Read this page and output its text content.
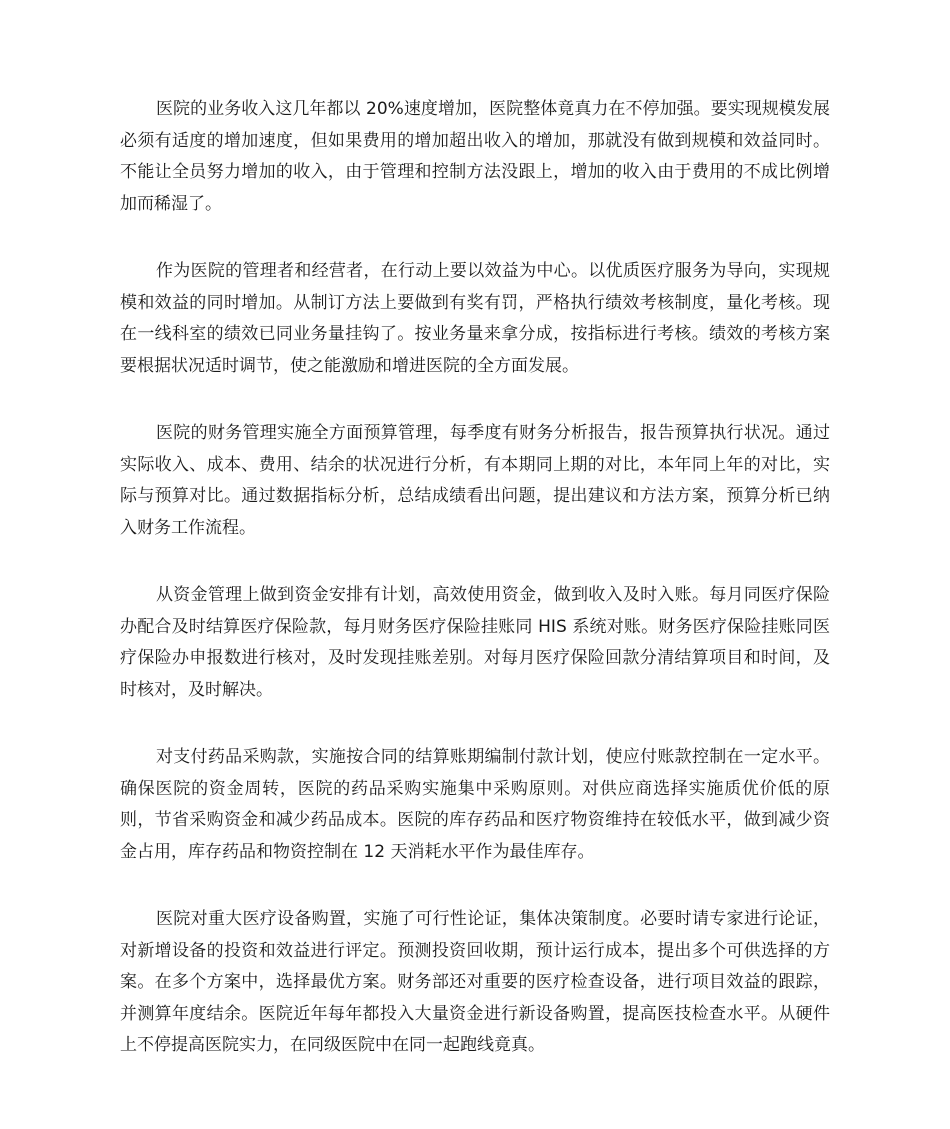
医院的业务收入这几年都以 20%速度增加，医院整体竟真力在不停加强。要实现规模发展必须有适度的增加速度，但如果费用的增加超出收入的增加，那就没有做到规模和效益同时。不能让全员努力增加的收入，由于管理和控制方法没跟上，增加的收入由于费用的不成比例增加而稀湿了。

作为医院的管理者和经营者，在行动上要以效益为中心。以优质医疗服务为导向，实现规模和效益的同时增加。从制订方法上要做到有奖有罚，严格执行绩效考核制度，量化考核。现在一线科室的绩效已同业务量挂钩了。按业务量来拿分成，按指标进行考核。绩效的考核方案要根据状况适时调节，使之能激励和增进医院的全方面发展。

医院的财务管理实施全方面预算管理，每季度有财务分析报告，报告预算执行状况。通过实际收入、成本、费用、结余的状况进行分析，有本期同上期的对比，本年同上年的对比，实际与预算对比。通过数据指标分析，总结成绩看出问题，提出建议和方法方案，预算分析已纳入财务工作流程。

从资金管理上做到资金安排有计划，高效使用资金，做到收入及时入账。每月同医疗保险办配合及时结算医疗保险款，每月财务医疗保险挂账同 HIS 系统对账。财务医疗保险挂账同医疗保险办申报数进行核对，及时发现挂账差别。对每月医疗保险回款分清结算项目和时间，及时核对，及时解决。

对支付药品采购款，实施按合同的结算账期编制付款计划，使应付账款控制在一定水平。确保医院的资金周转，医院的药品采购实施集中采购原则。对供应商选择实施质优价低的原则，节省采购资金和减少药品成本。医院的库存药品和医疗物资维持在较低水平，做到减少资金占用，库存药品和物资控制在 12 天消耗水平作为最佳库存。

医院对重大医疗设备购置，实施了可行性论证，集体决策制度。必要时请专家进行论证，对新增设备的投资和效益进行评定。预测投资回收期，预计运行成本，提出多个可供选择的方案。在多个方案中，选择最优方案。财务部还对重要的医疗检查设备，进行项目效益的跟踪，并测算年度结余。医院近年每年都投入大量资金进行新设备购置，提高医技检查水平。从硬件上不停提高医院实力，在同级医院中在同一起跑线竟真。
